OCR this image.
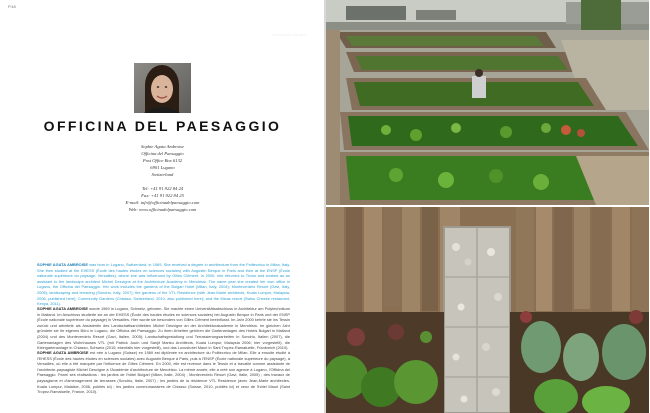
P.48
OFFICINA DEL PAESAGGIO
Sophie Agata Ambroise
Officina del Paesaggio
Post Office Box 6132
6901 Lugano
Switzerland
Tel: +41 91 922 84 24
Fax: +41 91 922 84 25
E-mail: info@officinadelpaesaggio.com
Web: www.officinadelpaesaggio.com
SOPHIE AGATA AMBROISE was born in Lugano, Switzerland, in 1969. She received a degree in architecture from the Politecnico in Milan, Italy. She then studied at the EHESS (École des hautes études en sciences sociales) with Augustin Berque in Paris and then at the ENSP (École nationale supérieure du paysage, Versailles), where she was influenced by Gilles Clément. In 2000, she returned to Ticino and worked as an assistant to the landscape architect Michel Desvigne at the Architecture Academy in Mendrisio. The same year she created her own office in Lugano, the Officina del Paesaggio. Her work includes the gardens of the Bulgari Hotel (Milan, Italy, 2004); Monteverdelo Resort (Gavi, Italy, 2005); landscaping and terracing (Sondrio, Italy, 2007); the gardens of the VTL Residence (with Jean-Marie architects, Kuala Lumpur, Malaysia, 2006, published here); Community Gardens (Chiasso, Switzerland, 2010, also published here); and the Micas resort (Swiss Cheese restaurant, Kenya, 2011).
SOPHIE AGATA AMBROISE wurde 1969 in Lugano, Schweiz, geboren. Sie machte einen Universitätsabschluss in Architektur am Polytechnikum in Mailand. Im Anschluss studierte sie an der EHESS (École des hautes études en sciences sociales) bei Augustin Berque in Paris und der ENSP (École nationale supérieure du paysage) in Versailles. Hier wurde sie besonders von Gilles Clément beeinflusst. Im Jahr 2000 kehrte sie ins Tessin zurück und arbeitete als Assistentin des Landschaftsarchitekten Michel Desvigne an der Architekturakademie in Mendrisio. Im gleichen Jahr gründete sie ihr eigenes Büro in Lugano, die Officina del Paesaggio. Zu ihren Arbeiten gehören die Gartenanlagen des Hotels Bulgari in Mailand (2004) und des Monteverdelo Resort (Gavi, Italien, 2005); Landschaftsgestaltung und Terrassierungsarbeiten in Sondrio, Italien (2007), die Gartenanlagen des Wohnhauses VTL (mit Patrick Jouin und Sanjit Manku Architects, Kuala Lumpur, Malaysia 2006; hier vorgestellt), die Kleingartenanlage in Chiasso, Schweiz (2010; ebenfalls hier vorgestellt), und das Luxushotel Mauri in Sant Tropez-Ramatuelle, Frankreich (2010).
SOPHIE AGATA AMBROISE est née à Lugano (Suisse) en 1969 est diplômée en architecture du Politecnico de Milan. Elle a ensuite étudié à l'EHESS (École des hautes études en sciences sociales) avec Augustin Berque à Paris, puis à l'ENSP (École nationale supérieure du paysage), à Versailles, où elle a été marquée par l'influence de Gilles Clément. En 2000, elle est revenue dans le Tessin et a travaillé comme assistante de l'architecte-paysagiste Michel Desvigne à l'Académie d'architecture de Mendrisio. La même année, elle a créé son agence à Lugano, l'Officina del Paesaggio. Parmi ses réalisations : les jardins de l'hôtel Bulgari (Milan, Italie, 2004) ; Monteverdelo Resort (Gavi, Italie, 2005) ; des travaux de paysagisme et d'aménagement de terrasses (Sondrio, Italie, 2007) ; les jardins de la résidence VTL Residence (avec Jean-Marie architectes, Kuala Lumpur, Malaisie, 2006, publiés ici) ; les jardins communautaires de Chiasso (Suisse, 2010, publiés ici) et ceux de l'hôtel Mauri (Saint Tropez-Ramatuelle, France, 2010).
Community Gardens
